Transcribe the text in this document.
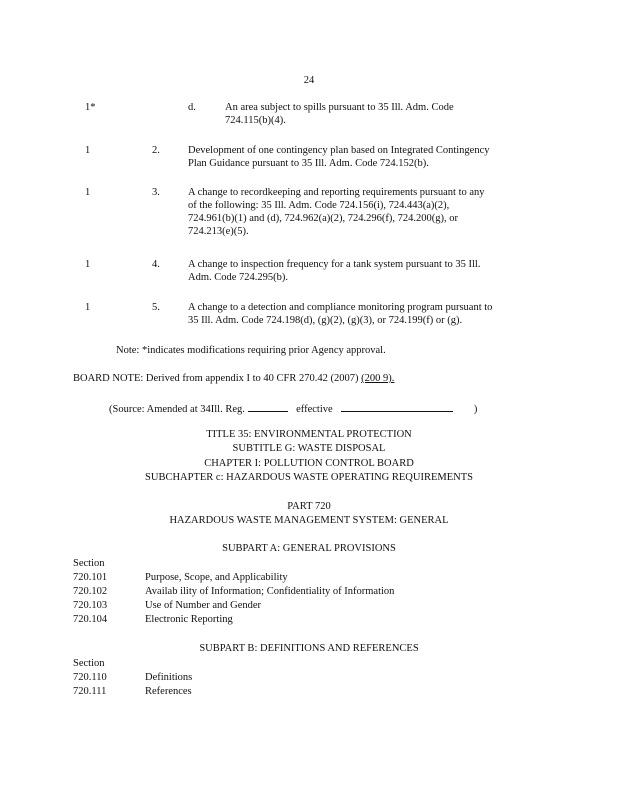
24
1*	d.	An area subject to spills pursuant to 35 Ill. Adm. Code
724.115(b)(4).
1	2.	Development of one contingency plan based on Integrated Contingency
Plan Guidance pursuant to 35 Ill. Adm. Code 724.152(b).
1	3.	A change to recordkeeping and reporting requirements pursuant to any
of the following: 35 Ill. Adm. Code 724.156(i), 724.443(a)(2),
724.961(b)(1) and (d), 724.962(a)(2), 724.296(f), 724.200(g), or
724.213(e)(5).
1	4.	A change to inspection frequency for a tank system pursuant to 35 Ill.
Adm. Code 724.295(b).
1	5.	A change to a detection and compliance monitoring program pursuant to
35 Ill. Adm. Code 724.198(d), (g)(2), (g)(3), or 724.199(f) or (g).
Note: *indicates modifications requiring prior Agency approval.
BOARD NOTE: Derived from appendix I to 40 CFR 270.42 (2007) (200 9).
(Source: Amended at 34Ill. Reg.	effective	)
TITLE 35: ENVIRONMENTAL PROTECTION
SUBTITLE G: WASTE DISPOSAL
CHAPTER I: POLLUTION CONTROL BOARD
SUBCHAPTER c: HAZARDOUS WASTE OPERATING REQUIREMENTS
PART 720
HAZARDOUS WASTE MANAGEMENT SYSTEM: GENERAL
SUBPART A: GENERAL PROVISIONS
Section
720.101	Purpose, Scope, and Applicability
720.102	Availab ility of Information; Confidentiality of Information
720.103	Use of Number and Gender
720.104	Electronic Reporting
SUBPART B: DEFINITIONS AND REFERENCES
Section
720.110	Definitions
720.111	References
